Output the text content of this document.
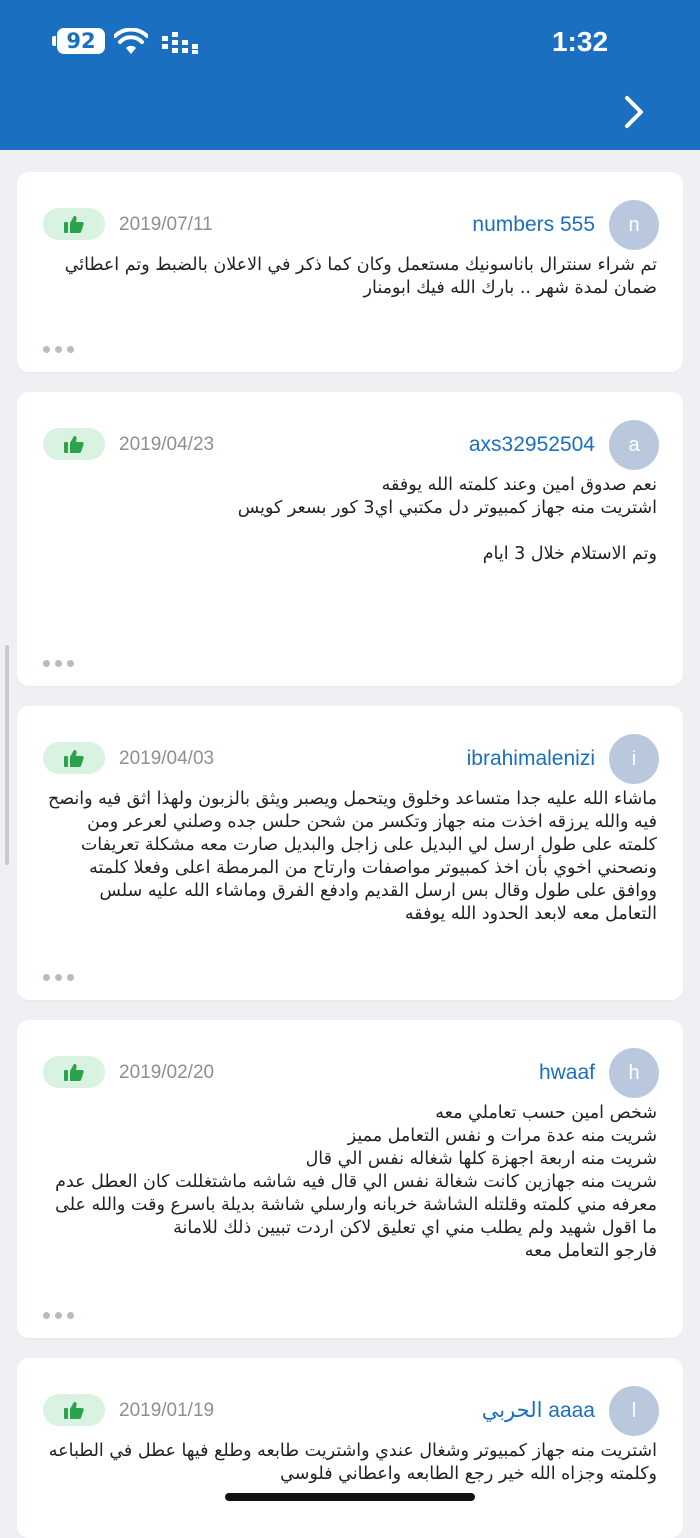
92	1:32
n
numbers 555
2019/07/11
تم شراء سنترال باناسونيك مستعمل وكان كما ذكر في الاعلان بالضبط وتم اعطائي ضمان لمدة شهر .. بارك الله فيك ابومنار
a
axs32952504
2019/04/23
نعم صدوق امين وعند كلمته الله يوفقه
اشتريت منه جهاز كمبيوتر دل مكتبي اي3 كور بسعر كويس

وتم الاستلام خلال 3 ايام
i
ibrahimalenizi
2019/04/03
ماشاء الله عليه جدا متساعد وخلوق ويتحمل ويصبر ويثق بالزبون ولهذا اثق فيه وانصح فيه والله يرزقه اخذت منه جهاز وتكسر من شحن حلس جده وصلني لعرعر ومن كلمته على طول ارسل لي البديل على زاجل والبديل صارت معه مشكلة تعريفات ونصحني اخوي بأن اخذ كمبيوتر مواصفات وارتاح من المرمطة اعلى وفعلا كلمته ووافق على طول وقال بس ارسل القديم وادفع الفرق وماشاء الله عليه سلس التعامل معه لابعد الحدود الله يوفقه
h
hwaaf
2019/02/20
شخص امين حسب تعاملي معه
شريت منه عدة مرات و نفس التعامل مميز
شريت منه اربعة اجهزة كلها شغاله نفس الي قال
شريت منه جهازين كانت شغالة نفس الي قال فيه شاشه ماشتغللت كان العطل عدم معرفه مني كلمته وقلتله الشاشة خربانه وارسلي شاشة بديلة باسرع وقت والله على ما اقول شهيد ولم يطلب مني اي تعليق لاكن اردت تبيين ذلك للامانة
فارجو التعامل معه
l
الحربي aaaa
2019/01/19
اشتريت منه جهاز كمبيوتر وشغال عندي واشتريت طابعه وطلع فيها عطل في الطباعه وكلمته وجزاه الله خير رجع الطابعه واعطاني فلوسي
